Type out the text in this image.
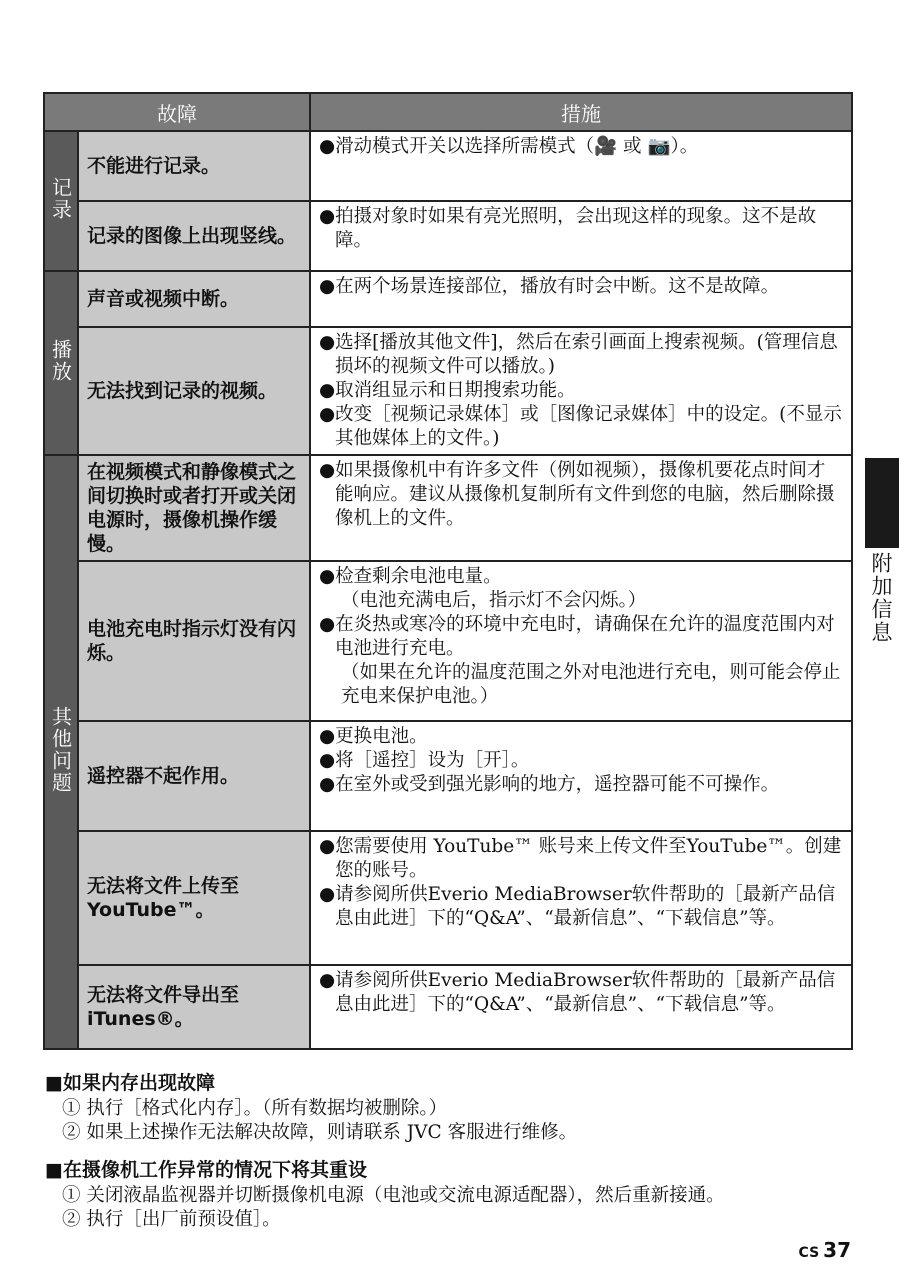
故障		措施
记录	不能进行记录。	●滑动模式开关以选择所需模式（🎥 或 📷）。

	记录的图像上出现竖线。	●拍摄对象时如果有亮光照明，会出现这样的现象。这不是故障。

播放	声音或视频中断。	●在两个场景连接部位，播放有时会中断。这不是故障。

	无法找到记录的视频。	●选择[播放其他文件]，然后在索引画面上搜索视频。(管理信息损坏的视频文件可以播放。)
●取消组显示和日期搜索功能。
●改变［视频记录媒体］或［图像记录媒体］中的设定。(不显示其他媒体上的文件。)

其他问题	在视频模式和静像模式之间切换时或者打开或关闭电源时，摄像机操作缓慢。	●如果摄像机中有许多文件（例如视频），摄像机要花点时间才能响应。建议从摄像机复制所有文件到您的电脑，然后删除摄像机上的文件。

	电池充电时指示灯没有闪烁。	●检查剩余电池电量。
（电池充满电后，指示灯不会闪烁。）
●在炎热或寒冷的环境中充电时，请确保在允许的温度范围内对电池进行充电。
（如果在允许的温度范围之外对电池进行充电，则可能会停止充电来保护电池。）

	遥控器不起作用。	●更换电池。
●将［遥控］设为［开］。
●在室外或受到强光影响的地方，遥控器可能不可操作。

	无法将文件上传至YouTube™。	●您需要使用 YouTube™ 账号来上传文件至YouTube™。创建您的账号。
●请参阅所供Everio MediaBrowser软件帮助的［最新产品信息由此进］下的“Q&A”、“最新信息”、“下载信息”等。

	无法将文件导出至iTunes®。	●请参阅所供Everio MediaBrowser软件帮助的［最新产品信息由此进］下的“Q&A”、“最新信息”、“下载信息”等。
附加信息
■如果内存出现故障
① 执行［格式化内存］。（所有数据均被删除。）
② 如果上述操作无法解决故障，则请联系 JVC 客服进行维修。
■在摄像机工作异常的情况下将其重设
① 关闭液晶监视器并切断摄像机电源（电池或交流电源适配器），然后重新接通。
② 执行［出厂前预设值］。
CS 37
